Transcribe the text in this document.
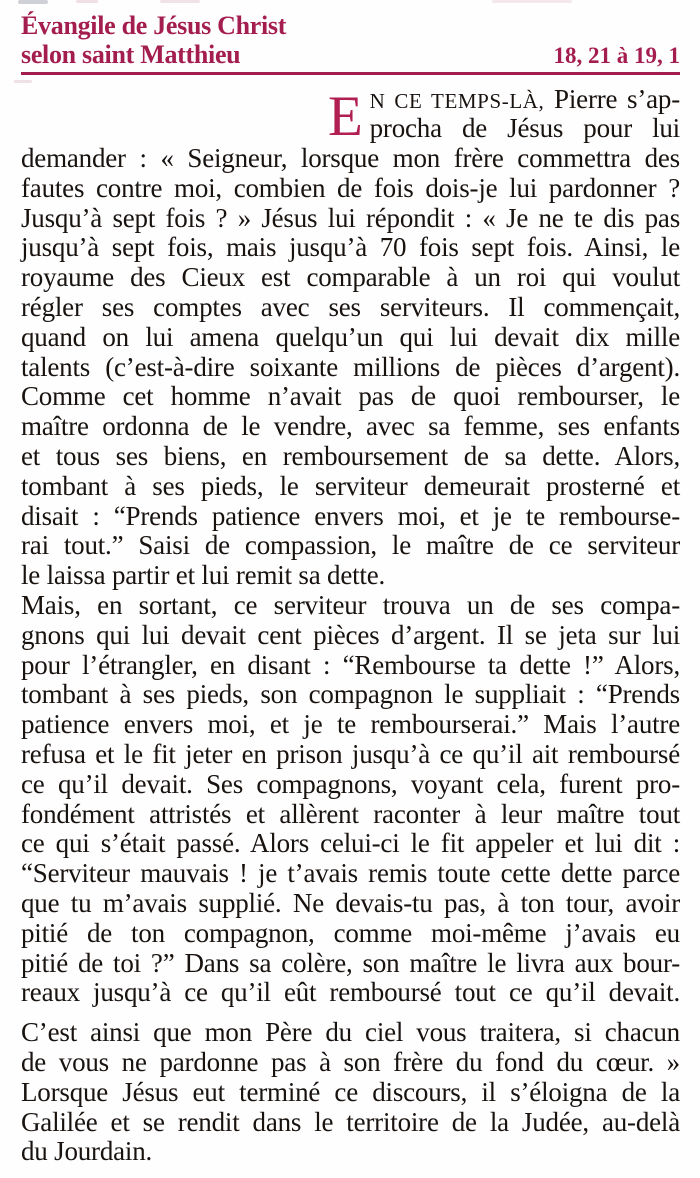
Évangile de Jésus Christ
selon saint Matthieu	18, 21 à 19, 1
E N CE TEMPS-LÀ, Pierre s’ap-
procha de Jésus pour lui
demander : « Seigneur, lorsque mon frère commettra des
fautes contre moi, combien de fois dois-je lui pardonner ?
Jusqu’à sept fois ? » Jésus lui répondit : « Je ne te dis pas
jusqu’à sept fois, mais jusqu’à 70 fois sept fois. Ainsi, le
royaume des Cieux est comparable à un roi qui voulut
régler ses comptes avec ses serviteurs. Il commençait,
quand on lui amena quelqu’un qui lui devait dix mille
talents (c’est-à-dire soixante millions de pièces d’argent).
Comme cet homme n’avait pas de quoi rembourser, le
maître ordonna de le vendre, avec sa femme, ses enfants
et tous ses biens, en remboursement de sa dette. Alors,
tombant à ses pieds, le serviteur demeurait prosterné et
disait : “Prends patience envers moi, et je te rembourse-
rai tout.” Saisi de compassion, le maître de ce serviteur
le laissa partir et lui remit sa dette.
Mais, en sortant, ce serviteur trouva un de ses compa-
gnons qui lui devait cent pièces d’argent. Il se jeta sur lui
pour l’étrangler, en disant : “Rembourse ta dette !” Alors,
tombant à ses pieds, son compagnon le suppliait : “Prends
patience envers moi, et je te rembourserai.” Mais l’autre
refusa et le fit jeter en prison jusqu’à ce qu’il ait remboursé
ce qu’il devait. Ses compagnons, voyant cela, furent pro-
fondément attristés et allèrent raconter à leur maître tout
ce qui s’était passé. Alors celui-ci le fit appeler et lui dit :
“Serviteur mauvais ! je t’avais remis toute cette dette parce
que tu m’avais supplié. Ne devais-tu pas, à ton tour, avoir
pitié de ton compagnon, comme moi-même j’avais eu
pitié de toi ?” Dans sa colère, son maître le livra aux bour-
reaux jusqu’à ce qu’il eût remboursé tout ce qu’il devait.
C’est ainsi que mon Père du ciel vous traitera, si chacun
de vous ne pardonne pas à son frère du fond du cœur. »
Lorsque Jésus eut terminé ce discours, il s’éloigna de la
Galilée et se rendit dans le territoire de la Judée, au-delà
du Jourdain.
